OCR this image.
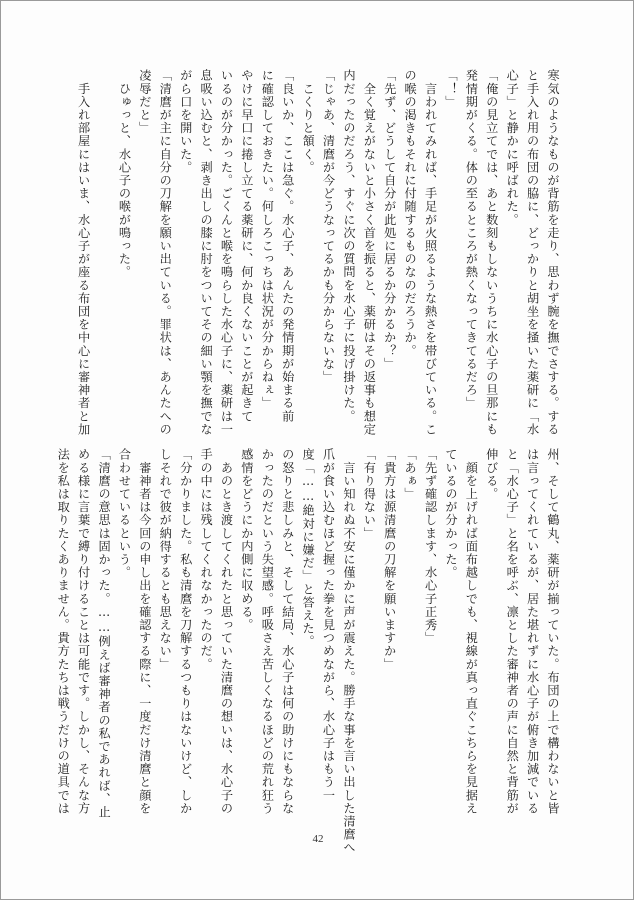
寒気のようなものが背筋を走り、思わず腕を撫でさする。する
と手入れ用の布団の脇に、どっかりと胡坐を掻いた薬研に「水
心子」と静かに呼ばれた。
「俺の見立てでは、あと数刻もしないうちに水心子の旦那にも
発情期がくる。体の至るところが熱くなってきてるだろ」
「！」
　言われてみれば、手足が火照るような熱さを帯びている。こ
の喉の渇きもそれに付随するものなのだろうか。
「先ず、どうして自分が此処に居るか分かるか？」
　全く覚えがないと小さく首を振ると、薬研はその返事も想定
内だったのだろう、すぐに次の質問を水心子に投げ掛けた。
「じゃあ、清麿が今どうなってるかも分からないな」
　こくりと頷く。
「良いか、ここは急ぐ。水心子、あんたの発情期が始まる前
に確認しておきたい。何しろこっちは状況が分からねぇ」
やけに早口に捲し立てる薬研に、何か良くないことが起きて
いるのが分かった。ごくんと喉を鳴らした水心子に、薬研は一
息吸い込むと、剥き出しの膝に肘をついてその細い顎を撫でな
がら口を開いた。
「清麿が主に自分の刀解を願い出ている。罪状は、あんたへの
凌辱だと」
　ひゅっと、水心子の喉が鳴った。

　手入れ部屋にはいま、水心子が座る布団を中心に審神者と加
州、そして鶴丸、薬研が揃っていた。布団の上で構わないと皆
は言ってくれているが、居た堪れずに水心子が俯き加減でいる
と「水心子」と名を呼ぶ、凛とした審神者の声に自然と背筋が
伸びる。
　顔を上げれば面布越しでも、視線が真っ直ぐこちらを見据え
ているのが分かった。
「先ず確認します、水心子正秀」
「あぁ」
「貴方は源清麿の刀解を願いますか」
「有り得ない」
　言い知れぬ不安に僅かに声が震えた。勝手な事を言い出した清麿へ
爪が食い込むほど握った拳を見つめながら、水心子はもう一
度「……絶対に嫌だ」と答えた。
の怒りと悲しみと、そして結局、水心子は何の助けにもならな
かったのだという失望感。呼吸さえ苦しくなるほどの荒れ狂う
感情をどうにか内側に収める。
　あのとき渡してくれたと思っていた清麿の想いは、水心子の
手の中には残してくれなかったのだ。
「分かりました。私も清麿を刀解するつもりはないけど、しか
しそれで彼が納得するとも思えない」
　審神者は今回の申し出を確認する際に、一度だけ清麿と顔を
合わせているという。
「清麿の意思は固かった。……例えば審神者の私であれば、止
める様に言葉で縛り付けることは可能です。しかし、そんな方
法を私は取りたくありません。貴方たちは戦うだけの道具では
42
